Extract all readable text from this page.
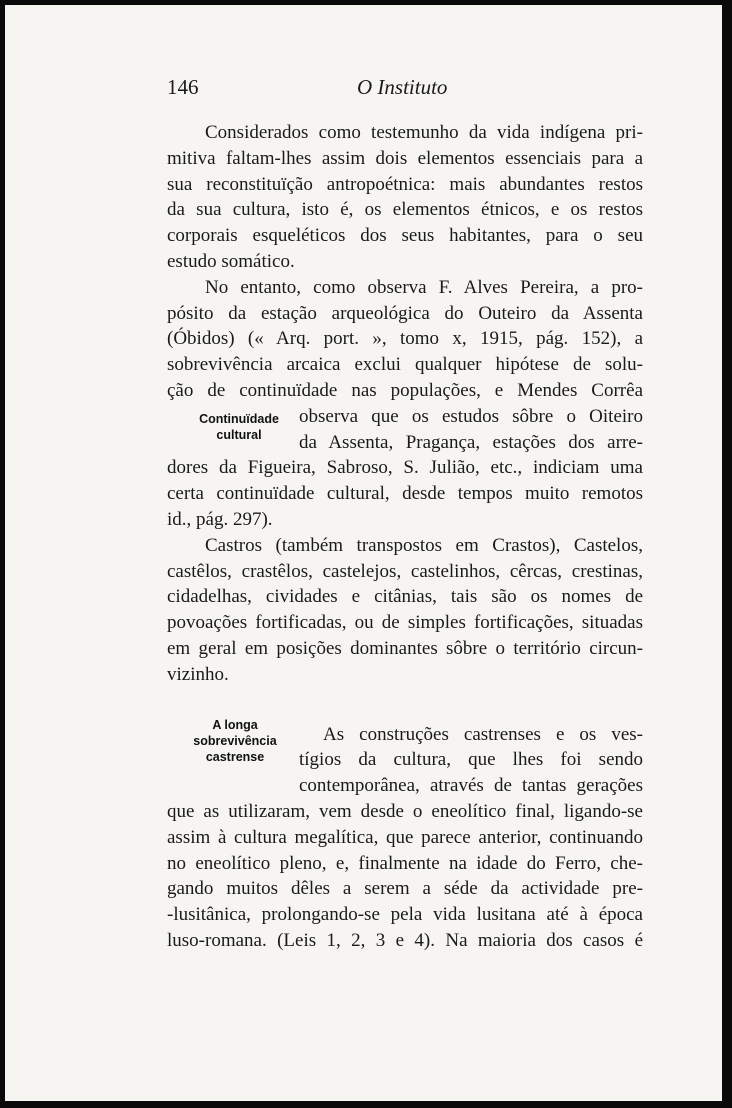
146	O Instituto
Continuïdade
cultural
A longa
sobrevivência
castrense

Considerados como testemunho da vida indígena pri-
mitiva faltam-lhes assim dois elementos essenciais para a
sua reconstituïção antropoétnica: mais abundantes restos
da sua cultura, isto é, os elementos étnicos, e os restos
corporais esqueléticos dos seus habitantes, para o seu
estudo somático.

No entanto, como observa F. Alves Pereira, a pro-
pósito da estação arqueológica do Outeiro da Assenta
(Óbidos) (« Arq. port. », tomo x, 1915, pág. 152), a
sobrevivência arcaica exclui qualquer hipótese de solu-
ção de continuïdade nas populações, e Mendes Corrêa
observa que os estudos sôbre o Oiteiro
da Assenta, Pragança, estações dos arre-
dores da Figueira, Sabroso, S. Julião, etc., indiciam uma
certa continuïdade cultural, desde tempos muito remotos
id., pág. 297).

Castros (também transpostos em Crastos), Castelos,
castêlos, crastêlos, castelejos, castelinhos, cêrcas, crestinas,
cidadelhas, cividades e citânias, tais são os nomes de
povoações fortificadas, ou de simples fortificações, situadas
em geral em posições dominantes sôbre o território circun-
vizinho.

As construções castrenses e os ves-
tígios da cultura, que lhes foi sendo
contemporânea, através de tantas gerações
que as utilizaram, vem desde o eneolítico final, ligando-se
assim à cultura megalítica, que parece anterior, continuando
no eneolítico pleno, e, finalmente na idade do Ferro, che-
gando muitos dêles a serem a séde da actividade pre-
-lusitânica, prolongando-se pela vida lusitana até à época
luso-romana. (Leis 1, 2, 3 e 4). Na maioria dos casos é
